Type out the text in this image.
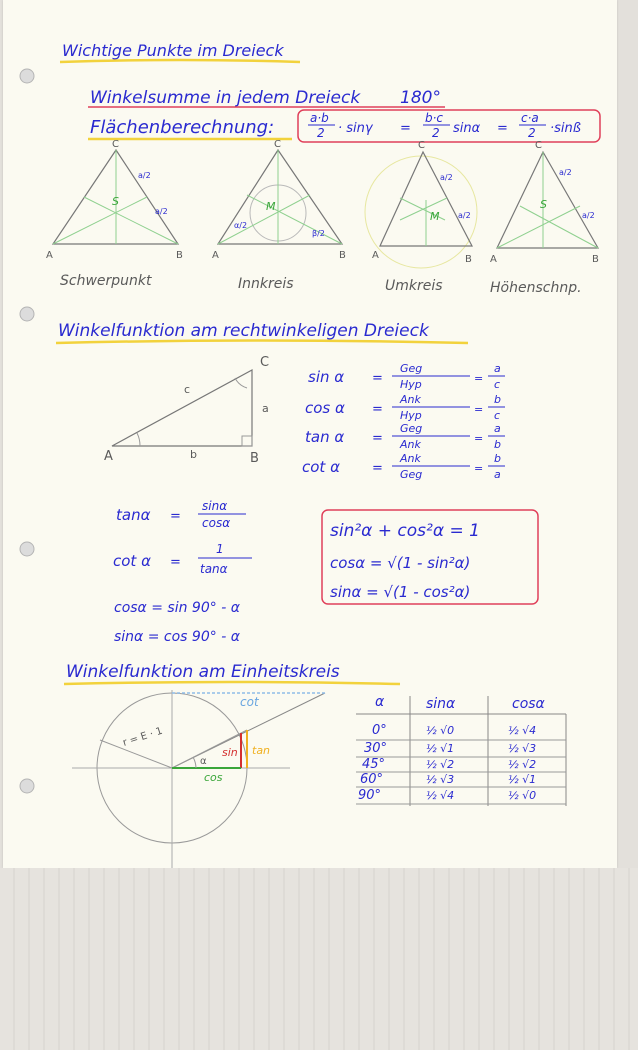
Wichtige Punkte im Dreieck
Winkelsumme in jedem Dreieck 180°
Flächenberechnung:	a·b
2 · sinγ =
b·c
2 sinα =
c·a
2 ·sinß
A	B
C
S
a/2
a/2
Schwerpunkt
A	B
C
M
α/2
β/2
Innkreis
A	B
C
M
a/2
a/2
Umkreis
A	B
C
S
a/2
a/2
Höhenschnp.
Winkelfunktion am rechtwinkeligen Dreieck
A	B
C
a
b
c
sin α =
Geg
Hyp	=
a
c
cos α =
Ank
Hyp	=
b
c
tan α =
Geg
Ank	=
a
b
cot α =
Ank
Geg	=
b
a
tanα =
sinα
cosα
cot α =
1
tanα
cosα = sin 90° - α
sinα = cos 90° - α
sin²α + cos²α = 1
cosα = √(1 - sin²α)
sinα = √(1 - cos²α)
Winkelfunktion am Einheitskreis
r = E · 1
α
cot
sin tan
cos
α	sinα	cosα
0°	½ √0	½ √4
30°	½ √1	½ √3
45°	½ √2	½ √2
60°	½ √3	½ √1
90°	½ √4	½ √0
